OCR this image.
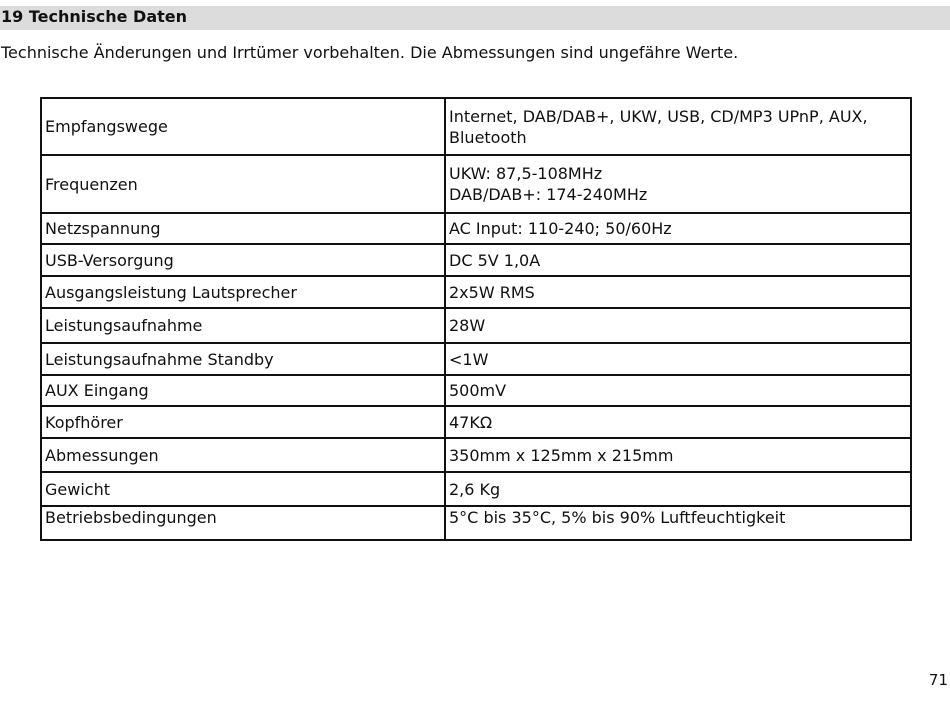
19 Technische Daten
Technische Änderungen und Irrtümer vorbehalten. Die Abmessungen sind ungefähre Werte.
Empfangswege	Internet, DAB/DAB+, UKW, USB, CD/MP3 UPnP, AUX,
Bluetooth

Frequenzen	UKW: 87,5-108MHz
DAB/DAB+: 174-240MHz

Netzspannung	AC Input: 110-240; 50/60Hz
USB-Versorgung	DC 5V 1,0A
Ausgangsleistung Lautsprecher	2x5W RMS
Leistungsaufnahme	28W
Leistungsaufnahme Standby	<1W
AUX Eingang	500mV
Kopfhörer	47KΩ
Abmessungen	350mm x 125mm x 215mm
Gewicht	2,6 Kg
Betriebsbedingungen	5°C bis 35°C, 5% bis 90% Luftfeuchtigkeit
71
